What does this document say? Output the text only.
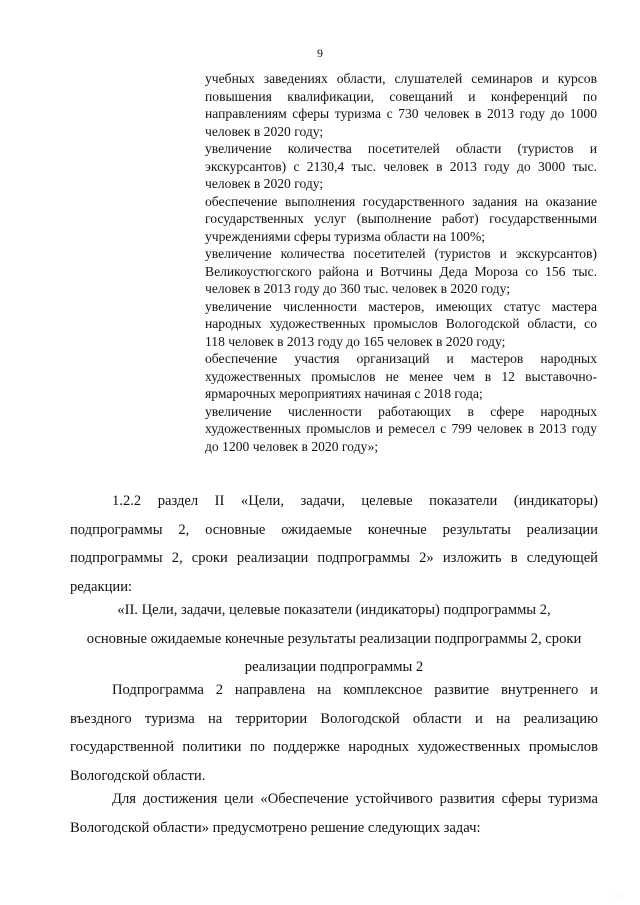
9
учебных заведениях области, слушателей семинаров и курсов повышения квалификации, совещаний и конференций по направлениям сферы туризма с 730 человек в 2013 году до 1000 человек в 2020 году;
увеличение количества посетителей области (туристов и экскурсантов) с 2130,4 тыс. человек в 2013 году до 3000 тыс. человек в 2020 году;
обеспечение выполнения государственного задания на оказание государственных услуг (выполнение работ) государственными учреждениями сферы туризма области на 100%;
увеличение количества посетителей (туристов и экскурсантов) Великоустюгского района и Вотчины Деда Мороза со 156 тыс. человек в 2013 году до 360 тыс. человек в 2020 году;
увеличение численности мастеров, имеющих статус мастера народных художественных промыслов Вологодской области, со 118 человек в 2013 году до 165 человек в 2020 году;
обеспечение участия организаций и мастеров народных художественных промыслов не менее чем в 12 выставочно-ярмарочных мероприятиях начиная с 2018 года;
увеличение численности работающих в сфере народных художественных промыслов и ремесел с 799 человек в 2013 году до 1200 человек в 2020 году»;

1.2.2 раздел II «Цели, задачи, целевые показатели (индикаторы) подпрограммы 2, основные ожидаемые конечные результаты реализации подпрограммы 2, сроки реализации подпрограммы 2» изложить в следующей редакции:

«II. Цели, задачи, целевые показатели (индикаторы) подпрограммы 2,
основные ожидаемые конечные результаты реализации подпрограммы 2, сроки
реализации подпрограммы 2

Подпрограмма 2 направлена на комплексное развитие внутреннего и въездного туризма на территории Вологодской области и на реализацию государственной политики по поддержке народных художественных промыслов Вологодской области.

Для достижения цели «Обеспечение устойчивого развития сферы туризма Вологодской области» предусмотрено решение следующих задач:

· ·
